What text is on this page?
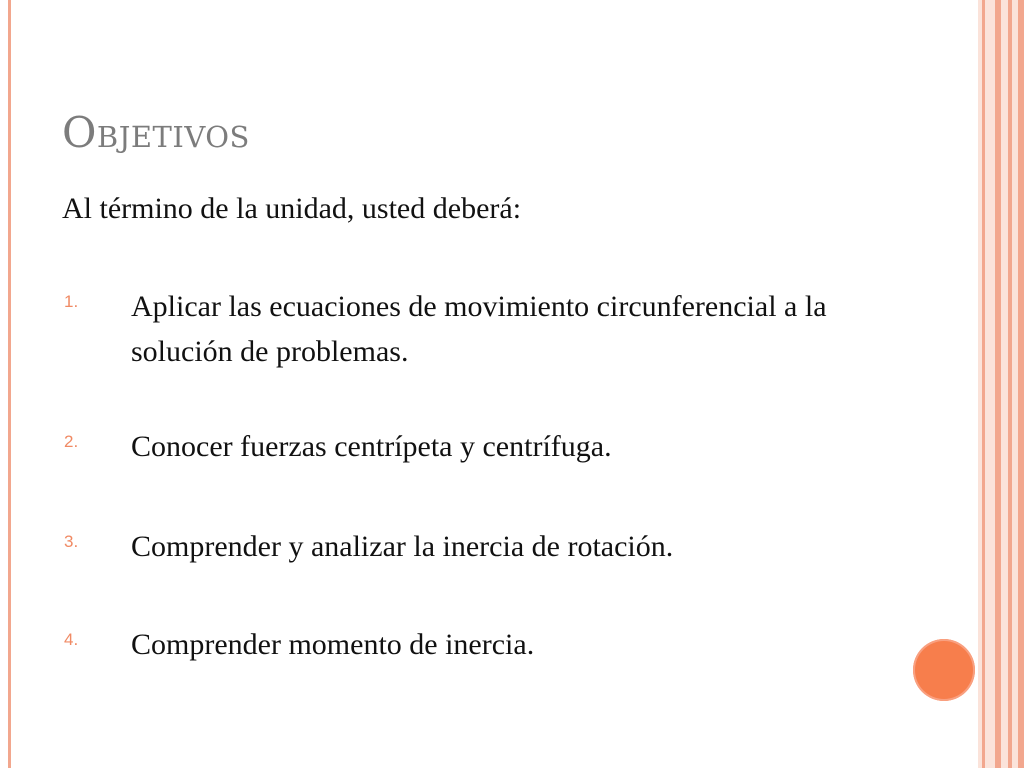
Objetivos

Al término de la unidad, usted deberá:

1. Aplicar las ecuaciones de movimiento circunferencial a la solución de problemas.
2. Conocer fuerzas centrípeta y centrífuga.
3. Comprender y analizar la inercia de rotación.
4. Comprender momento de inercia.
